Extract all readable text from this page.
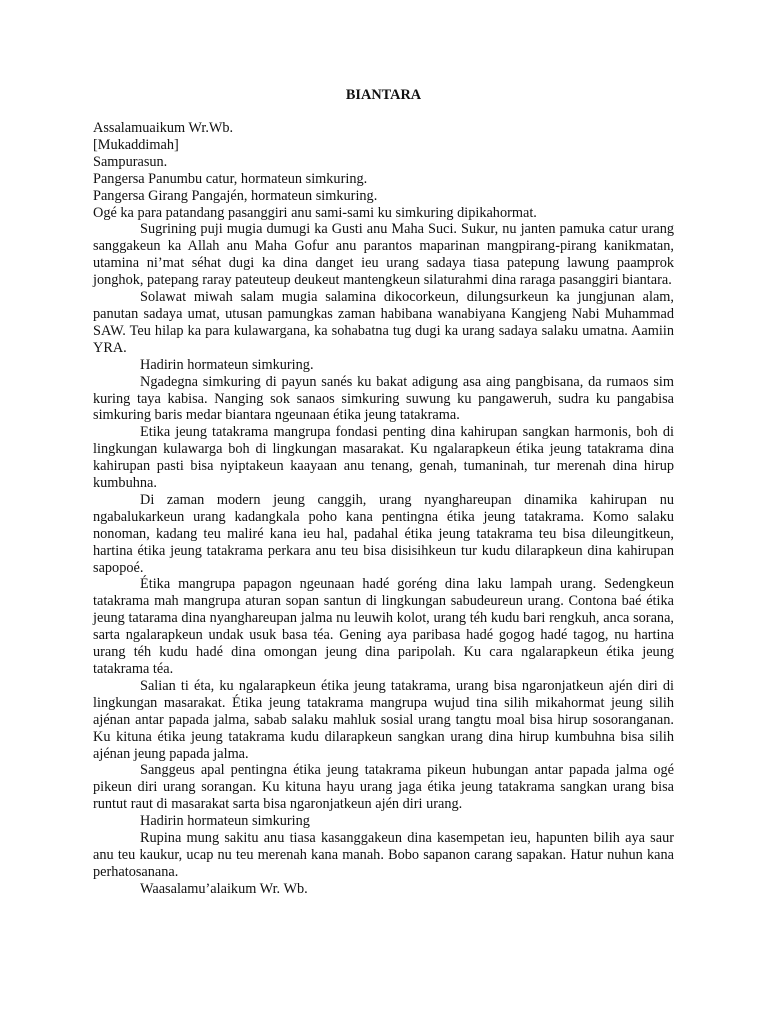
BIANTARA

Assalamuaikum Wr.Wb.

[Mukaddimah]

Sampurasun.

Pangersa Panumbu catur, hormateun simkuring.

Pangersa Girang Pangajén, hormateun simkuring.

Ogé ka para patandang pasanggiri anu sami-sami ku simkuring dipikahormat.

Sugrining puji mugia dumugi ka Gusti anu Maha Suci. Sukur, nu janten pamuka catur urang sanggakeun ka Allah anu Maha Gofur anu parantos maparinan mangpirang-pirang kanikmatan, utamina ni’mat séhat dugi ka dina danget ieu urang sadaya tiasa patepung lawung paamprok jonghok, patepang raray pateuteup deukeut mantengkeun silaturahmi dina raraga pasanggiri biantara.

Solawat miwah salam mugia salamina dikocorkeun, dilungsurkeun ka jungjunan alam, panutan sadaya umat, utusan pamungkas zaman habibana wanabiyana Kangjeng Nabi Muhammad SAW. Teu hilap ka para kulawargana, ka sohabatna tug dugi ka urang sadaya salaku umatna. Aamiin YRA.

Hadirin hormateun simkuring.

Ngadegna simkuring di payun sanés ku bakat adigung asa aing pangbisana, da rumaos sim kuring taya kabisa. Nanging sok sanaos simkuring suwung ku pangaweruh, sudra ku pangabisa simkuring baris medar biantara ngeunaan étika jeung tatakrama.

Etika jeung tatakrama mangrupa fondasi penting dina kahirupan sangkan harmonis, boh di lingkungan kulawarga boh di lingkungan masarakat. Ku ngalarapkeun étika jeung tatakrama dina kahirupan pasti bisa nyiptakeun kaayaan anu tenang, genah, tumaninah, tur merenah dina hirup kumbuhna.

Di zaman modern jeung canggih, urang nyanghareupan dinamika kahirupan nu ngabalukarkeun urang kadangkala poho kana pentingna étika jeung tatakrama. Komo salaku nonoman, kadang teu maliré kana ieu hal, padahal étika jeung tatakrama teu bisa dileungitkeun, hartina étika jeung tatakrama perkara anu teu bisa disisihkeun tur kudu dilarapkeun dina kahirupan sapopoé.

Étika mangrupa papagon ngeunaan hadé goréng dina laku lampah urang. Sedengkeun tatakrama mah mangrupa aturan sopan santun di lingkungan sabudeureun urang. Contona baé étika jeung tatarama dina nyanghareupan jalma nu leuwih kolot, urang téh kudu bari rengkuh, anca sorana, sarta ngalarapkeun undak usuk basa téa. Gening aya paribasa hadé gogog hadé tagog, nu hartina urang téh kudu hadé dina omongan jeung dina paripolah. Ku cara ngalarapkeun étika jeung tatakrama téa.

Salian ti éta, ku ngalarapkeun étika jeung tatakrama, urang bisa ngaronjatkeun ajén diri di lingkungan masarakat. Étika jeung tatakrama mangrupa wujud tina silih mikahormat jeung silih ajénan antar papada jalma, sabab salaku mahluk sosial urang tangtu moal bisa hirup sosoranganan. Ku kituna étika jeung tatakrama kudu dilarapkeun sangkan urang dina hirup kumbuhna bisa silih ajénan jeung papada jalma.

Sanggeus apal pentingna étika jeung tatakrama pikeun hubungan antar papada jalma ogé pikeun diri urang sorangan. Ku kituna hayu urang jaga étika jeung tatakrama sangkan urang bisa runtut raut di masarakat sarta bisa ngaronjatkeun ajén diri urang.

Hadirin hormateun simkuring

Rupina mung sakitu anu tiasa kasanggakeun dina kasempetan ieu, hapunten bilih aya saur anu teu kaukur, ucap nu teu merenah kana manah. Bobo sapanon carang sapakan. Hatur nuhun kana perhatosanana.

Waasalamu’alaikum Wr. Wb.
